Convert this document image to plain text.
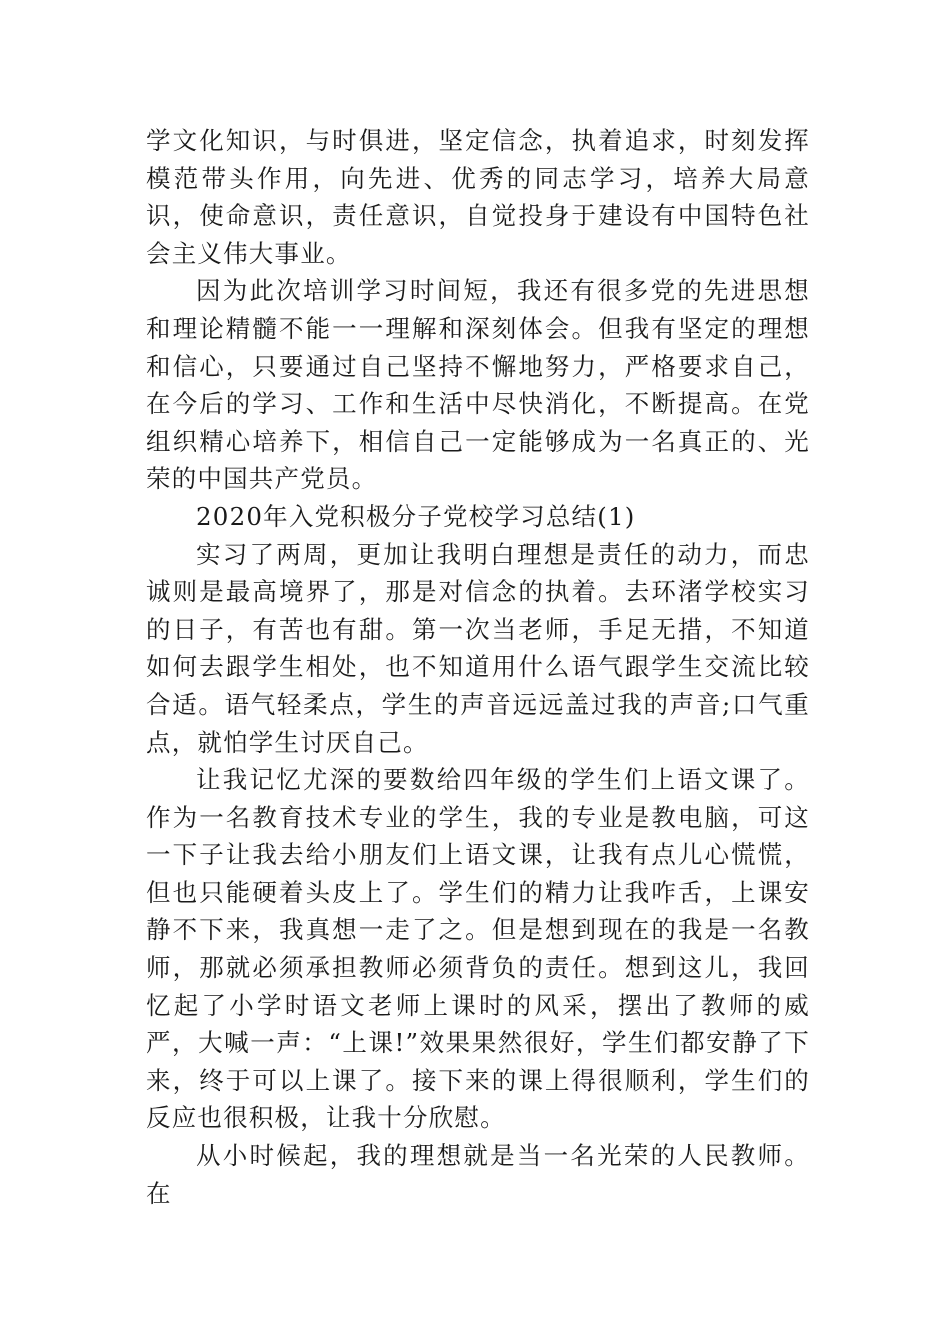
学文化知识，与时俱进，坚定信念，执着追求，时刻发挥模范带头作用，向先进、优秀的同志学习，培养大局意识，使命意识，责任意识，自觉投身于建设有中国特色社会主义伟大事业。

因为此次培训学习时间短，我还有很多党的先进思想和理论精髓不能一一理解和深刻体会。但我有坚定的理想和信心，只要通过自己坚持不懈地努力，严格要求自己，在今后的学习、工作和生活中尽快消化，不断提高。在党组织精心培养下，相信自己一定能够成为一名真正的、光荣的中国共产党员。

2020年入党积极分子党校学习总结(1)

实习了两周，更加让我明白理想是责任的动力，而忠诚则是最高境界了，那是对信念的执着。去环渚学校实习的日子，有苦也有甜。第一次当老师，手足无措，不知道如何去跟学生相处，也不知道用什么语气跟学生交流比较合适。语气轻柔点，学生的声音远远盖过我的声音;口气重点，就怕学生讨厌自己。

让我记忆尤深的要数给四年级的学生们上语文课了。作为一名教育技术专业的学生，我的专业是教电脑，可这一下子让我去给小朋友们上语文课，让我有点儿心慌慌，但也只能硬着头皮上了。学生们的精力让我咋舌，上课安静不下来，我真想一走了之。但是想到现在的我是一名教师，那就必须承担教师必须背负的责任。想到这儿，我回忆起了小学时语文老师上课时的风采，摆出了教师的威严，大喊一声：“上课!”效果果然很好，学生们都安静了下来，终于可以上课了。接下来的课上得很顺利，学生们的反应也很积极，让我十分欣慰。

从小时候起，我的理想就是当一名光荣的人民教师。在
